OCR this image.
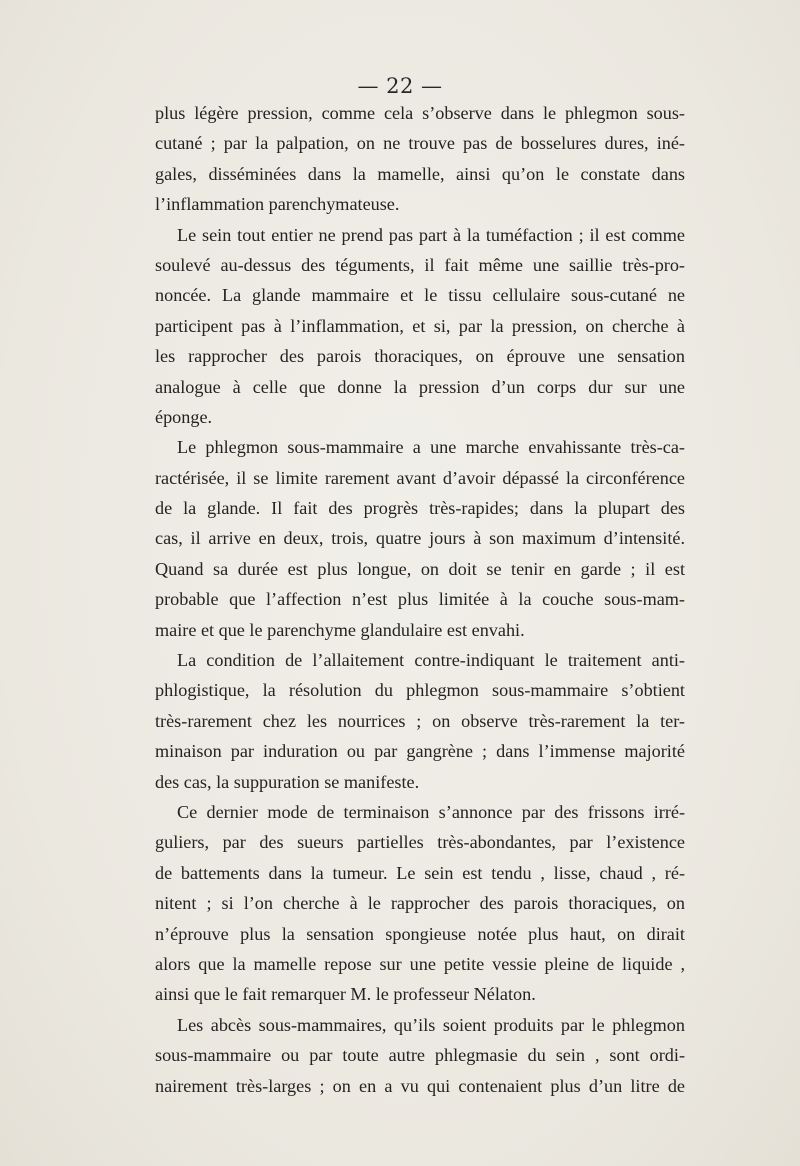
— 22 —
plus légère pression, comme cela s’observe dans le phlegmon sous-
cutané ; par la palpation, on ne trouve pas de bosselures dures, iné-
gales, disséminées dans la mamelle, ainsi qu’on le constate dans
l’inflammation parenchymateuse.
Le sein tout entier ne prend pas part à la tuméfaction ; il est comme
soulevé au-dessus des téguments, il fait même une saillie très-pro-
noncée. La glande mammaire et le tissu cellulaire sous-cutané ne
participent pas à l’inflammation, et si, par la pression, on cherche à
les rapprocher des parois thoraciques, on éprouve une sensation
analogue à celle que donne la pression d’un corps dur sur une
éponge.
Le phlegmon sous-mammaire a une marche envahissante très-ca-
ractérisée, il se limite rarement avant d’avoir dépassé la circonférence
de la glande. Il fait des progrès très-rapides; dans la plupart des
cas, il arrive en deux, trois, quatre jours à son maximum d’intensité.
Quand sa durée est plus longue, on doit se tenir en garde ; il est
probable que l’affection n’est plus limitée à la couche sous-mam-
maire et que le parenchyme glandulaire est envahi.
La condition de l’allaitement contre-indiquant le traitement anti-
phlogistique, la résolution du phlegmon sous-mammaire s’obtient
très-rarement chez les nourrices ; on observe très-rarement la ter-
minaison par induration ou par gangrène ; dans l’immense majorité
des cas, la suppuration se manifeste.
Ce dernier mode de terminaison s’annonce par des frissons irré-
guliers, par des sueurs partielles très-abondantes, par l’existence
de battements dans la tumeur. Le sein est tendu , lisse, chaud , ré-
nitent ; si l’on cherche à le rapprocher des parois thoraciques, on
n’éprouve plus la sensation spongieuse notée plus haut, on dirait
alors que la mamelle repose sur une petite vessie pleine de liquide ,
ainsi que le fait remarquer M. le professeur Nélaton.
Les abcès sous-mammaires, qu’ils soient produits par le phlegmon
sous-mammaire ou par toute autre phlegmasie du sein , sont ordi-
nairement très-larges ; on en a vu qui contenaient plus d’un litre de
